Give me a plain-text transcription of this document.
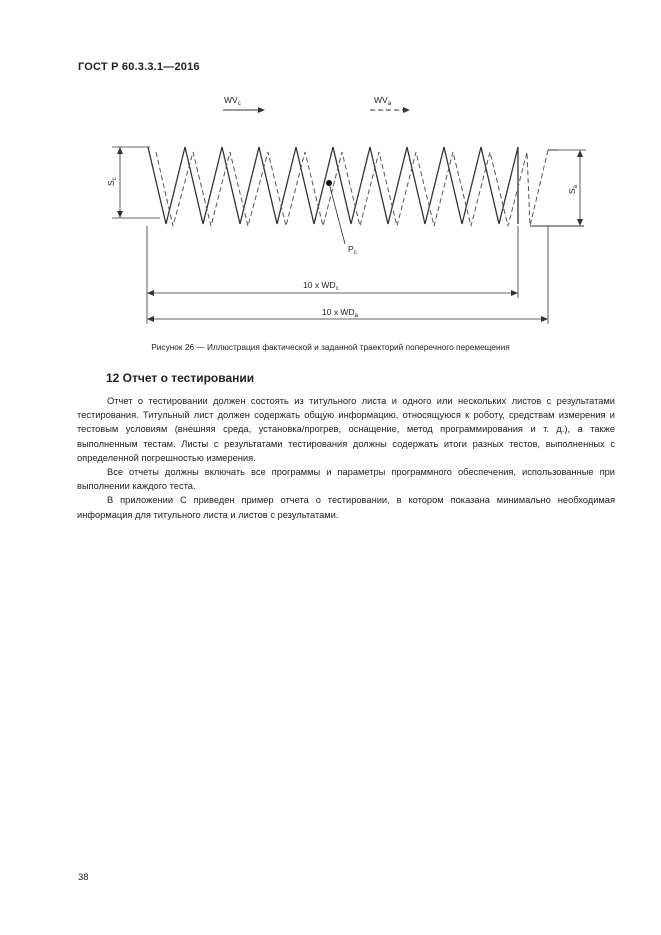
ГОСТ Р 60.3.3.1—2016
$WV_c$	$WV_a$
$P_c$
$S_c$
$S_a$
10 x $WD_c$
10 x $WD_a$
Рисунок 26 — Иллюстрация фактической и заданной траекторий поперечного перемещения
12 Отчет о тестировании

Отчет о тестировании должен состоять из титульного листа и одного или нескольких листов с результатами тестирования. Титульный лист должен содержать общую информацию, относящуюся к роботу, средствам измерения и тестовым условиям (внешняя среда, установка/прогрев, оснащение, метод программирования и т. д.), а также выполненным тестам. Листы с результатами тестирования должны содержать итоги разных тестов, выполненных с определенной погрешностью измерения.

Все отчеты должны включать все программы и параметры программного обеспечения, использованные при выполнении каждого теста.

В приложении С приведен пример отчета о тестировании, в котором показана минимально необходимая информация для титульного листа и листов с результатами.

38
